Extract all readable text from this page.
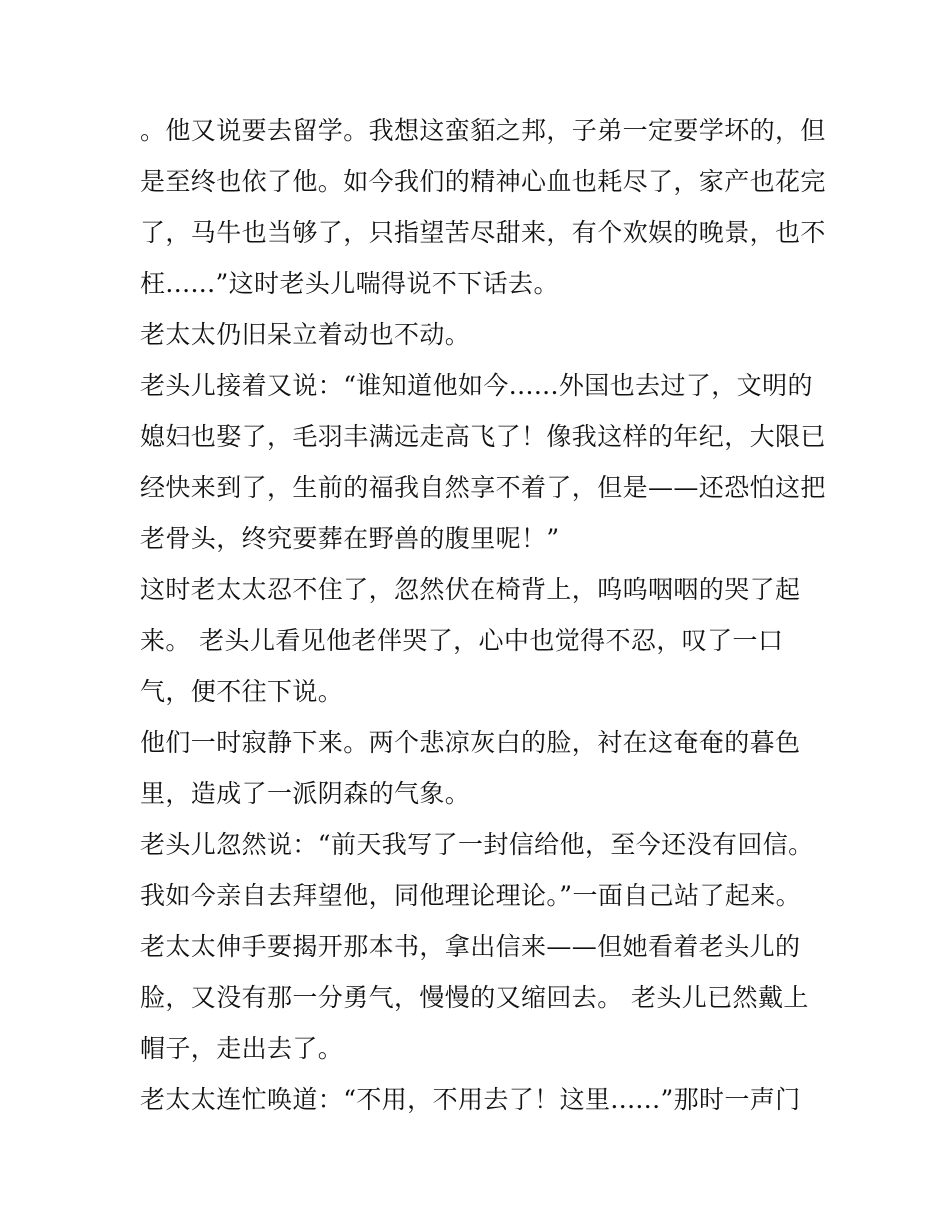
。他又说要去留学。我想这蛮貊之邦，子弟一定要学坏的，但
是至终也依了他。如今我们的精神心血也耗尽了，家产也花完
了，马牛也当够了，只指望苦尽甜来，有个欢娱的晚景，也不
枉......”这时老头儿喘得说不下话去。
老太太仍旧呆立着动也不动。
老头儿接着又说：“谁知道他如今......外国也去过了，文明的
媳妇也娶了，毛羽丰满远走高飞了！像我这样的年纪，大限已
经快来到了，生前的福我自然享不着了，但是——还恐怕这把
老骨头，终究要葬在野兽的腹里呢！”
这时老太太忍不住了，忽然伏在椅背上，呜呜咽咽的哭了起
来。 老头儿看见他老伴哭了，心中也觉得不忍，叹了一口
气，便不往下说。
他们一时寂静下来。两个悲凉灰白的脸，衬在这奄奄的暮色
里，造成了一派阴森的气象。
老头儿忽然说：“前天我写了一封信给他，至今还没有回信。
我如今亲自去拜望他，同他理论理论。”一面自己站了起来。
老太太伸手要揭开那本书，拿出信来——但她看着老头儿的
脸，又没有那一分勇气，慢慢的又缩回去。 老头儿已然戴上
帽子，走出去了。
老太太连忙唤道：“不用，不用去了！这里......”那时一声门
